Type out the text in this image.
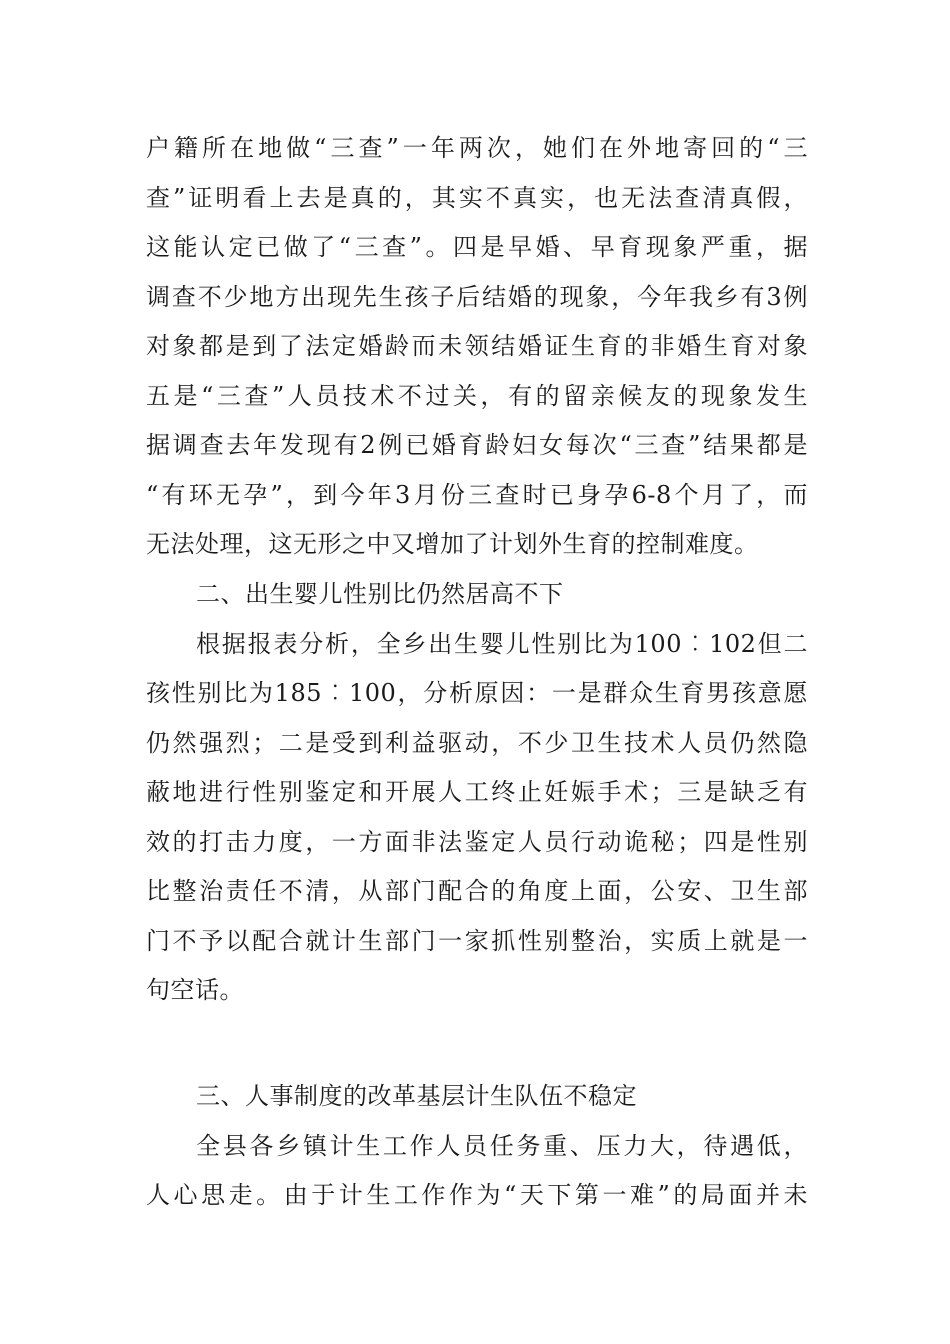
户籍所在地做“三查”一年两次，她们在外地寄回的“三
查”证明看上去是真的，其实不真实，也无法查清真假，
这能认定已做了“三查”。四是早婚、早育现象严重，据
调查不少地方出现先生孩子后结婚的现象，今年我乡有3例
对象都是到了法定婚龄而未领结婚证生育的非婚生育对象
五是“三查”人员技术不过关，有的留亲候友的现象发生
据调查去年发现有2例已婚育龄妇女每次“三查”结果都是
“有环无孕”，到今年3月份三查时已身孕6-8个月了，而
无法处理，这无形之中又增加了计划外生育的控制难度。
二、出生婴儿性别比仍然居高不下
根据报表分析，全乡出生婴儿性别比为100︰102但二
孩性别比为185︰100，分析原因：一是群众生育男孩意愿
仍然强烈；二是受到利益驱动，不少卫生技术人员仍然隐
蔽地进行性别鉴定和开展人工终止妊娠手术；三是缺乏有
效的打击力度，一方面非法鉴定人员行动诡秘；四是性别
比整治责任不清，从部门配合的角度上面，公安、卫生部
门不予以配合就计生部门一家抓性别整治，实质上就是一
句空话。
三、人事制度的改革基层计生队伍不稳定
全县各乡镇计生工作人员任务重、压力大，待遇低，
人心思走。由于计生工作作为“天下第一难”的局面并未
